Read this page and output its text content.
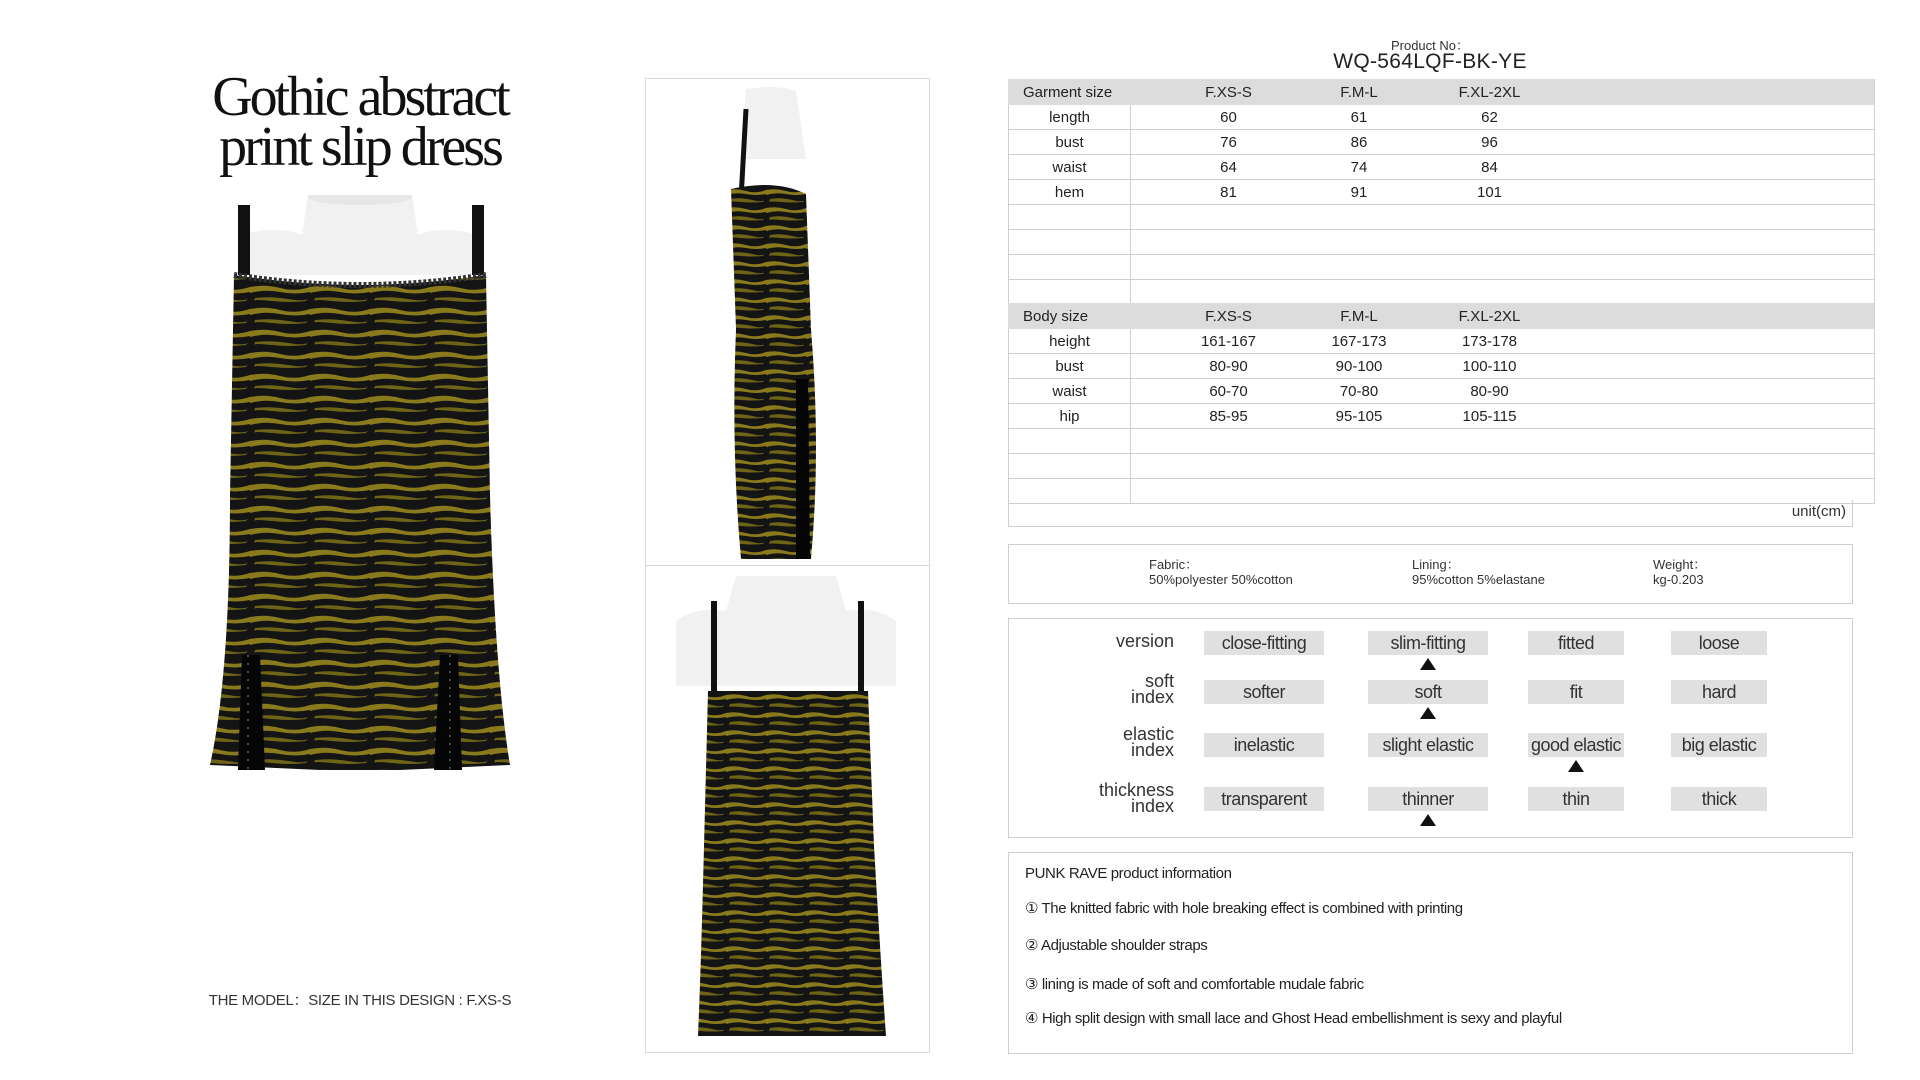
Gothic abstract
print slip dress
THE MODEL：SIZE IN THIS DESIGN : F.XS-S
Product No：
WQ-564LQF-BK-YE
Garment size	F.XS-S	F.M-L	F.XL-2XL	
length	60	61	62	
bust	76	86	96	
waist	64	74	84	
hem	81	91	101	

Body size	F.XS-S	F.M-L	F.XL-2XL	
height	161-167	167-173	173-178	
bust	80-90	90-100	100-110	
waist	60-70	70-80	80-90	
hip	85-95	95-105	105-115	

unit(cm)
Fabric：
50%polyester 50%cotton
Lining：
95%cotton 5%elastane
Weight：
kg-0.203
version	close-fitting	slim-fitting	fitted	loose
soft
index	softer	soft	fit	hard
elastic
index	inelastic	slight elastic	good elastic	big elastic
thickness
index	transparent	thinner	thin	thick
PUNK RAVE product information
① The knitted fabric with hole breaking effect is combined with printing
② Adjustable shoulder straps
③ lining is made of soft and comfortable mudale fabric
④ High split design with small lace and Ghost Head embellishment is sexy and playful
